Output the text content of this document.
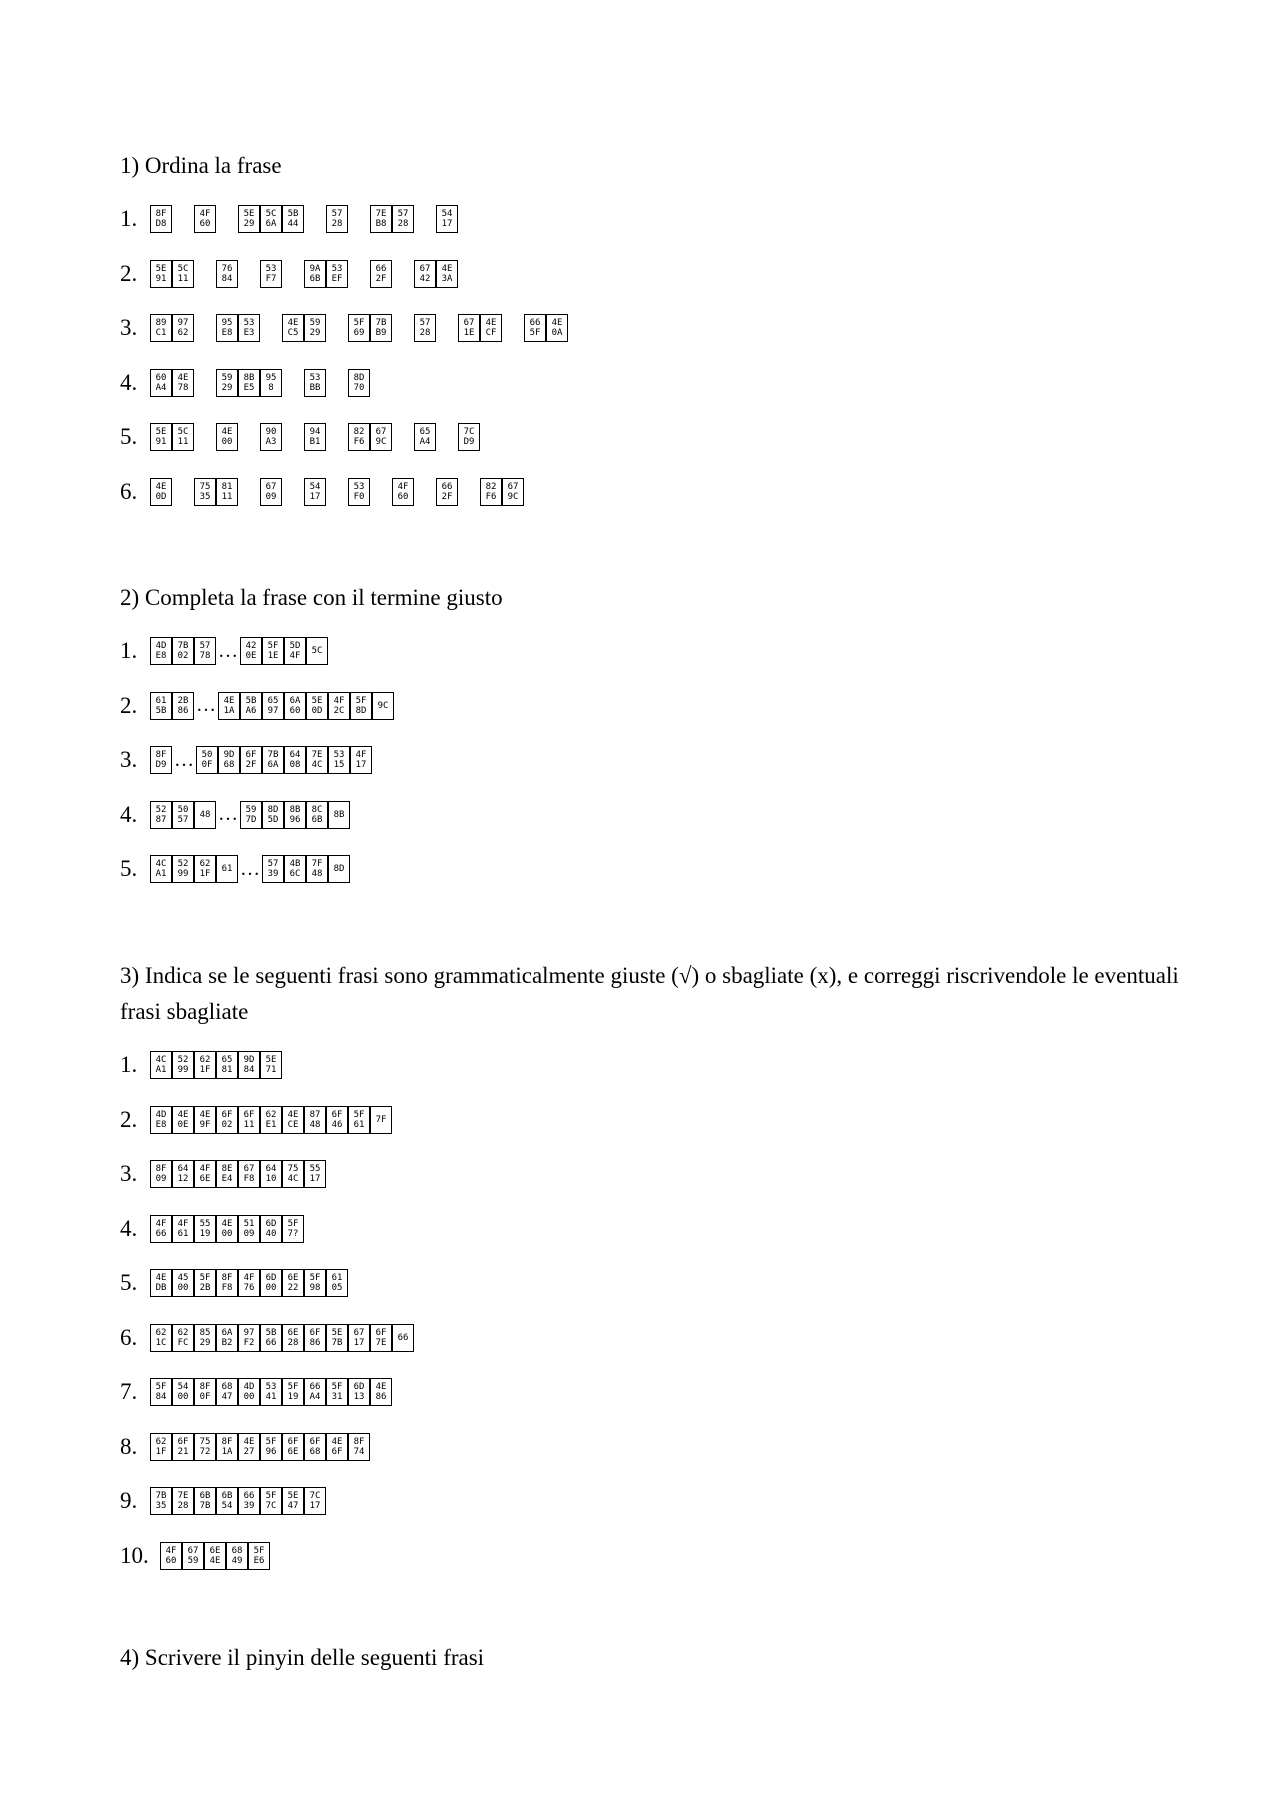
1) Ordina la frase

1.	8F
D8
4F
60
5E
29
5C
6A
5B
44
57
28
7E
B8
57
28
54
17
2.	5E
91
5C
11
76
84
53
F7
9A
6B
53
EF
66
2F
67
42
4E
3A
3.	89
C1
97
62
95
E8
53
E3
4E
C5
59
29
5F
69
7B
B9
57
28
67
1E
4E
CF
66
5F
4E
0A
4.	60
A4
4E
78
59
29
8B
E5
95
8
53
BB
8D
70
5.	5E
91
5C
11
4E
00
90
A3
94
B1
82
F6
67
9C
65
A4
7C
D9
6.	4E
0D
75
35
81
11
67
09
54
17
53
F0
4F
60
66
2F
82
F6
67
9C

2) Completa la frase con il termine giusto

1.	4D
E8
7B
02
57
78 … 42
0E
5F
1E
5D
4F	5C
2.	61
5B
2B
86 … 4E
1A
5B
A6
65
97
6A
60
5E
0D
4F
2C
5F
8D	9C
3.	8F
D9 … 50
0F
9D
68
6F
2F
7B
6A
64
08
7E
4C
53
15
4F
17
4.	52
87
50
57	48 … 59
7D
8D
5D
8B
96
8C
6B	8B
5.	4C
A1
52
99
62
1F	61 … 57
39
4B
6C
7F
48	8D

3) Indica se le seguenti frasi sono grammaticalmente giuste (√) o sbagliate (x), e correggi riscrivendole le eventuali frasi sbagliate

1.	4C
A1
52
99
62
1F
65
81
9D
84
5E
71
2.	4D
E8
4E
0E
4E
9F
6F
02
6F
11
62
E1
4E
CE
87
48
6F
46
5F
61	7F
3.	8F
09
64
12
4F
6E
8E
E4
67
F8
64
10
75
4C
55
17
4.	4F
66
4F
61
55
19
4E
00
51
09
6D
40
5F
7?
5.	4E
DB
45
00
5F
2B
8F
F8
4F
76
6D
00
6E
22
5F
98
61
05
6.	62
1C
62
FC
85
29
6A
B2
97
F2
5B
66
6E
28
6F
86
5E
7B
67
17
6F
7E	66
7.	5F
84
54
00
8F
0F
68
47
4D
00
53
41
5F
19
66
A4
5F
31
6D
13
4E
86
8.	62
1F
6F
21
75
72
8F
1A
4E
27
5F
96
6F
6E
6F
68
4E
6F
8F
74
9.	7B
35
7E
28
6B
7B
6B
54
66
39
5F
7C
5E
47
7C
17
10.	4F
60
67
59
6E
4E
68
49
5F
E6

4) Scrivere il pinyin delle seguenti frasi
